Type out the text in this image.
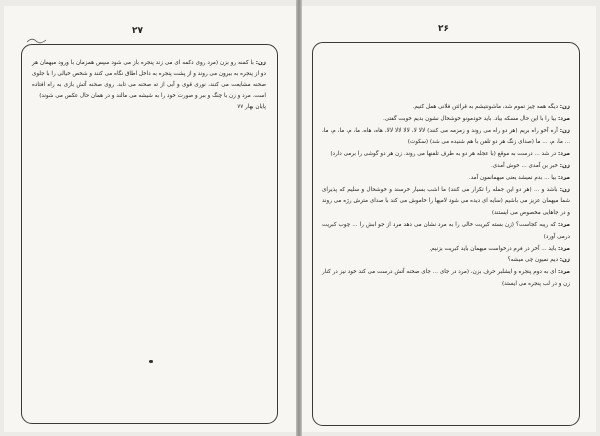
۲۷

زن: با کمنه رو بزن (مرد روی دکمه ای می زند پنجره باز می شود سپس همزمان با ورود میهمان هر دو از پنجره به بیرون می روند و از پشت پنجره به داخل اطاق نگاه می کنند و شخص خیالی را با جلوی صحنه مشایعت می کنند، نوری قوی و آبی از ته صحنه می تابد. روی صحنه آتش بازی به راه افتاده است. مرد و زن با چنگ و ببر و صورت خود را به شیشه می مالند و در همان حال عکس می شوند)

پایان بهار ۷۷

۲۶

زن: دیگه همه چیز تموم شد، ماشونتیشم به قرائتن فلانی همل کنیم.

مرد: بیا را با این حال مسکه بیاد. باید خودمونو خوشحال نشون بدیم خوبت گفتی.

زن: آره آخو راه بریم (هر دو راه می روند و زمزمه می کنند) لالا لا، لالا لالا لالا، هاه، هاه، ما، م، ما، م، ما، ... ما، م، ... ما (صدای زنگ هر دو تلفن با هم شنیده می شد) (سکوت)

مرد: در شد ... درست به موقع (با عجله هر دو به طرف تلفنها می روند. زن هر دو گوشی را برمی دارد)

زن: خبر بن آمدی ... خوش آمدی.

مرد: بیا ... بدم نمیشد یعنی میهمانمون آمد.

زن: باشد و ... (هر دو این جمله را تکرار می کنند) ما اشب بسیار خرسند و خوشحال و سلیم که پذیرای شما میهمان عزیز می باشیم (سایه ای دیده می شود لامپها را خاموش می کند با صدای مترش رژه می روند و در جاهایی مخصوص می ایستند)

مرد: که ریبه کجاست؟ (زن بسته کبریت خالی را به مرد نشان می دهد مرد از جو ابش را ... چوب کبریت درمی آورد)

مرد: باید ... آخر در فرم درخواست میهمان باید کبریت بزنیم.

زن: دیم نمیون چی میشه؟

مرد: ای به دوم پنجره و ایشلبر حرف بزن، (مرد در جای ... جای صحنه آتش درست می کند خود نیز در کنار زن و در لب پنجره می ایستد)
